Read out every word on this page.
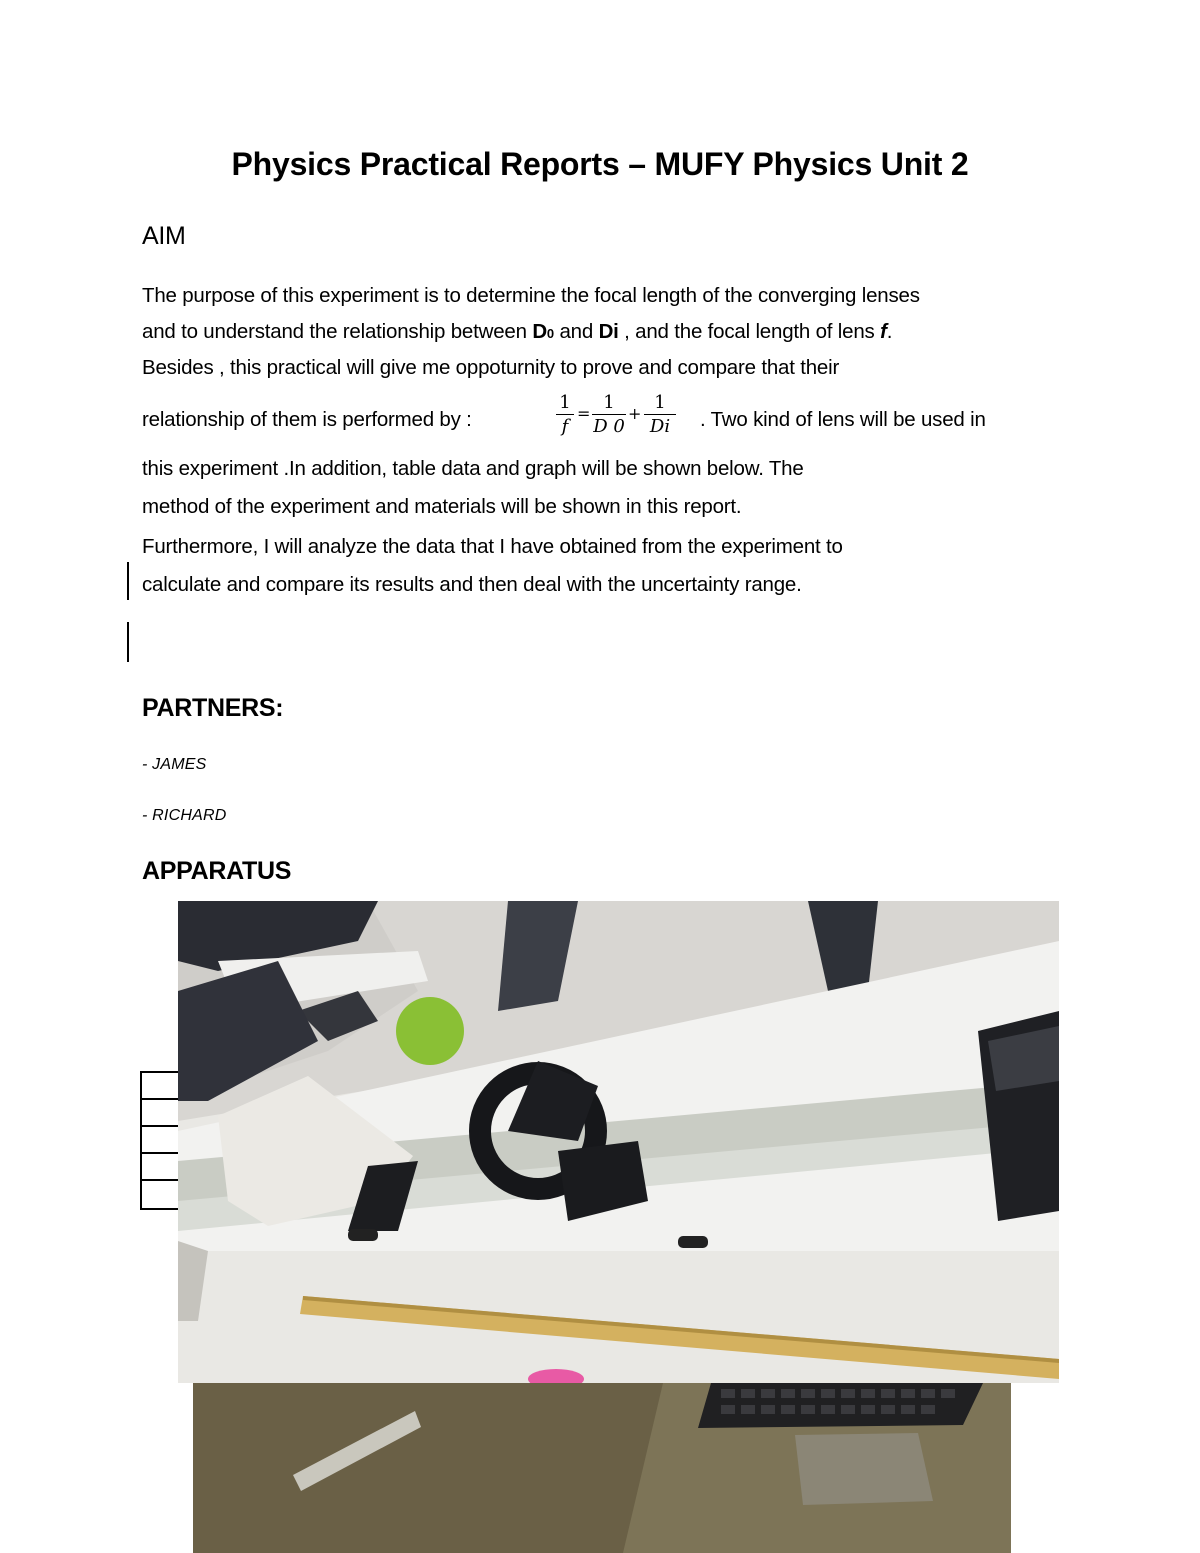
Physics Practical Reports – MUFY Physics Unit 2
AIM
The purpose of this experiment is to determine the focal length of the converging lenses
and to understand the relationship between D0 and Di , and the focal length of lens f.
Besides , this practical will give me oppoturnity to prove and compare that their
relationship of them is performed by :
1
f
=
1
D 0
+
1
Di . Two kind of lens will be used in
this experiment .In addition, table data and graph will be shown below. The
method of the experiment and materials will be shown in this report.
Furthermore, I will analyze the data that I have obtained from the experiment to
calculate and compare its results and then deal with the uncertainty range.
PARTNERS:
- JAMES
- RICHARD
APPARATUS
